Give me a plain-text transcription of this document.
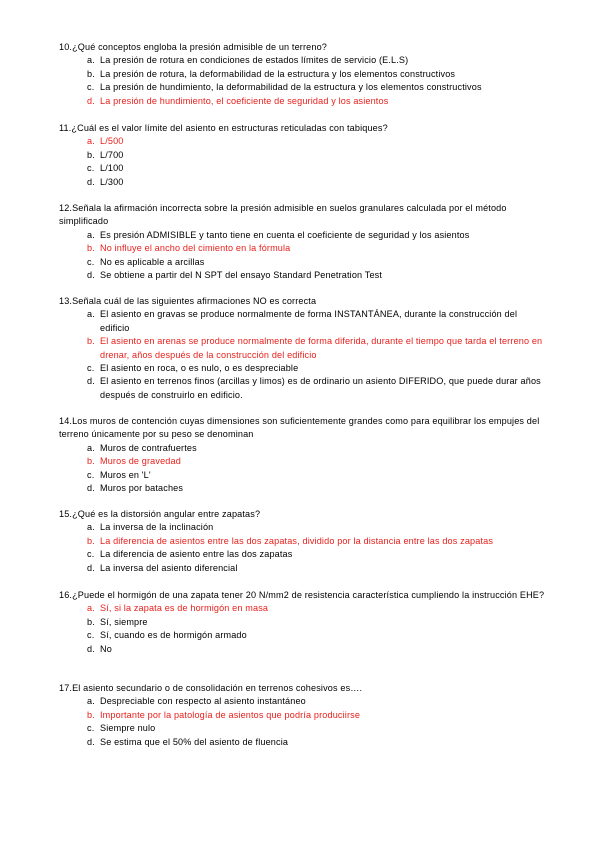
10.¿Qué conceptos engloba la presión admisible de un terreno?
a. La presión de rotura en condiciones de estados límites de servicio (E.L.S)
b. La presión de rotura, la deformabilidad de la estructura y los elementos constructivos
c. La presión de hundimiento, la deformabilidad de la estructura y los elementos constructivos
d. La presión de hundimiento, el coeficiente de seguridad y los asientos
11.¿Cuál es el valor límite del asiento en estructuras reticuladas con tabiques?
a. L/500
b. L/700
c. L/100
d. L/300
12.Señala la afirmación incorrecta sobre la presión admisible en suelos granulares calculada por el método simplificado
a. Es presión ADMISIBLE y tanto tiene en cuenta el coeficiente de seguridad y los asientos
b. No influye el ancho del cimiento en la fórmula
c. No es aplicable a arcillas
d. Se obtiene a partir del N SPT del ensayo Standard Penetration Test
13.Señala cuál de las siguientes afirmaciones NO es correcta
a. El asiento en gravas se produce normalmente de forma INSTANTÁNEA, durante la construcción del edificio
b. El asiento en arenas se produce normalmente de forma diferida, durante el tiempo que tarda el terreno en drenar, años después de la construcción del edificio
c. El asiento en roca, o es nulo, o es despreciable
d. El asiento en terrenos finos (arcillas y limos) es de ordinario un asiento DIFERIDO, que puede durar años después de construirlo en edificio.
14.Los muros de contención cuyas dimensiones son suficientemente grandes como para equilibrar los empujes del terreno únicamente por su peso se denominan
a. Muros de contrafuertes
b. Muros de gravedad
c. Muros en 'L'
d. Muros por bataches
15.¿Qué es la distorsión angular entre zapatas?
a. La inversa de la inclinación
b. La diferencia de asientos entre las dos zapatas, dividido por la distancia entre las dos zapatas
c. La diferencia de asiento entre las dos zapatas
d. La inversa del asiento diferencial
16.¿Puede el hormigón de una zapata tener 20 N/mm2 de resistencia característica cumpliendo la instrucción EHE?
a. Sí, si la zapata es de hormigón en masa
b. Sí, siempre
c. Sí, cuando es de hormigón armado
d. No
17.El asiento secundario o de consolidación en terrenos cohesivos es….
a. Despreciable con respecto al asiento instantáneo
b. Importante por la patología de asientos que podría produciirse
c. Siempre nulo
d. Se estima que el 50% del asiento de fluencia
